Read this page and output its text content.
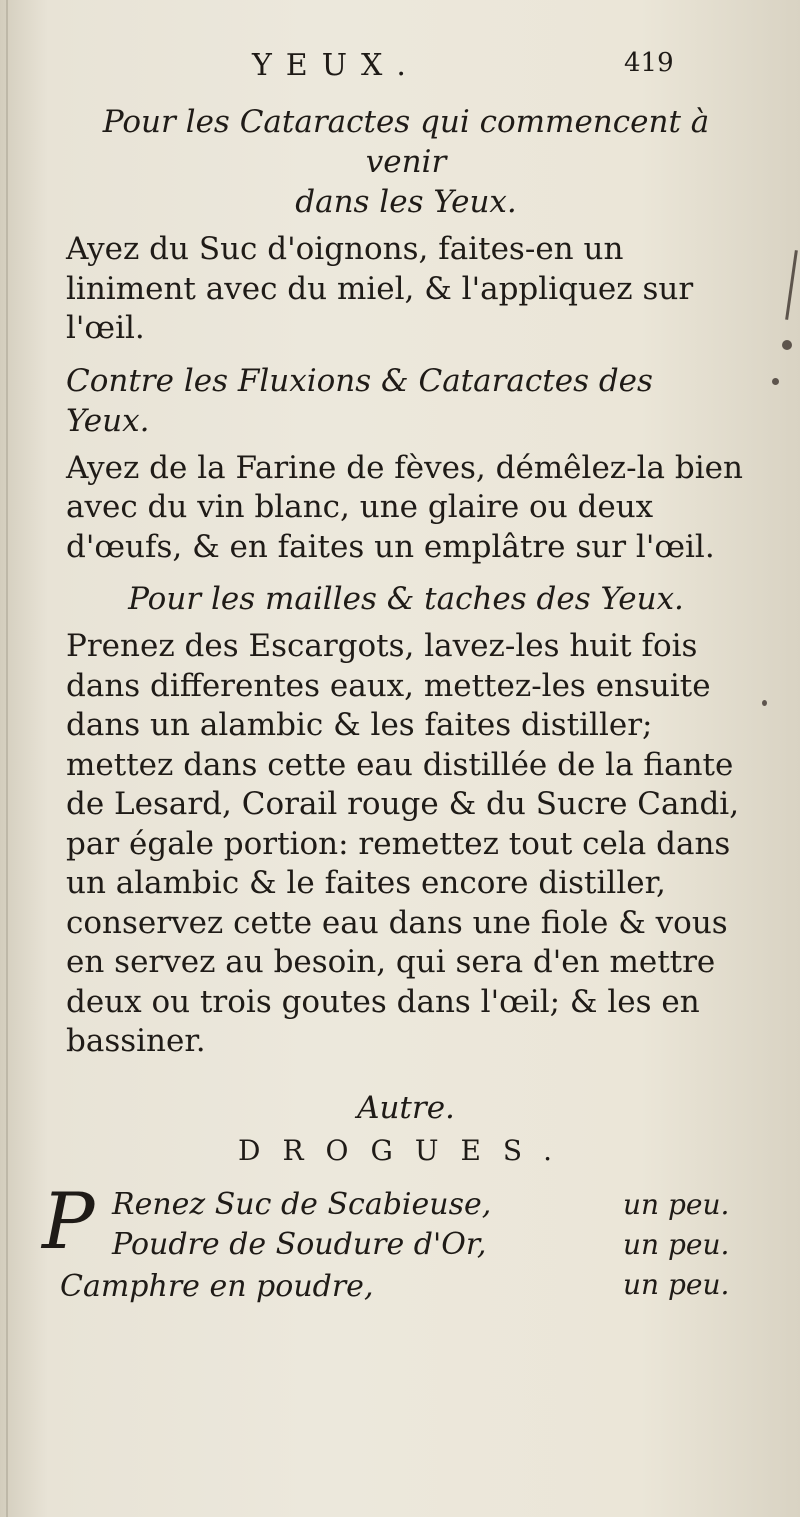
YEUX.	419
Pour les Cataractes qui commencent à venir
dans les Yeux.

Ayez du Suc d'oignons, faites-en un liniment avec du miel, & l'appliquez sur l'œil.

Contre les Fluxions & Cataractes des Yeux.

Ayez de la Farine de fèves, démêlez-la bien avec du vin blanc, une glaire ou deux d'œufs, & en faites un emplâtre sur l'œil.

Pour les mailles & taches des Yeux.

Prenez des Escargots, lavez-les huit fois dans differentes eaux, mettez-les ensuite dans un alambic & les faites distiller; mettez dans cette eau distillée de la fiante de Lesard, Corail rouge & du Sucre Candi, par égale portion: remettez tout cela dans un alambic & le faites encore distiller, conservez cette eau dans une fiole & vous en servez au besoin, qui sera d'en mettre deux ou trois goutes dans l'œil; & les en bassiner.

Autre.
DROGUES.
P Renez Suc de Scabieuse,	un peu.
Poudre de Soudure d'Or,	un peu.
Camphre en poudre,	un peu.
